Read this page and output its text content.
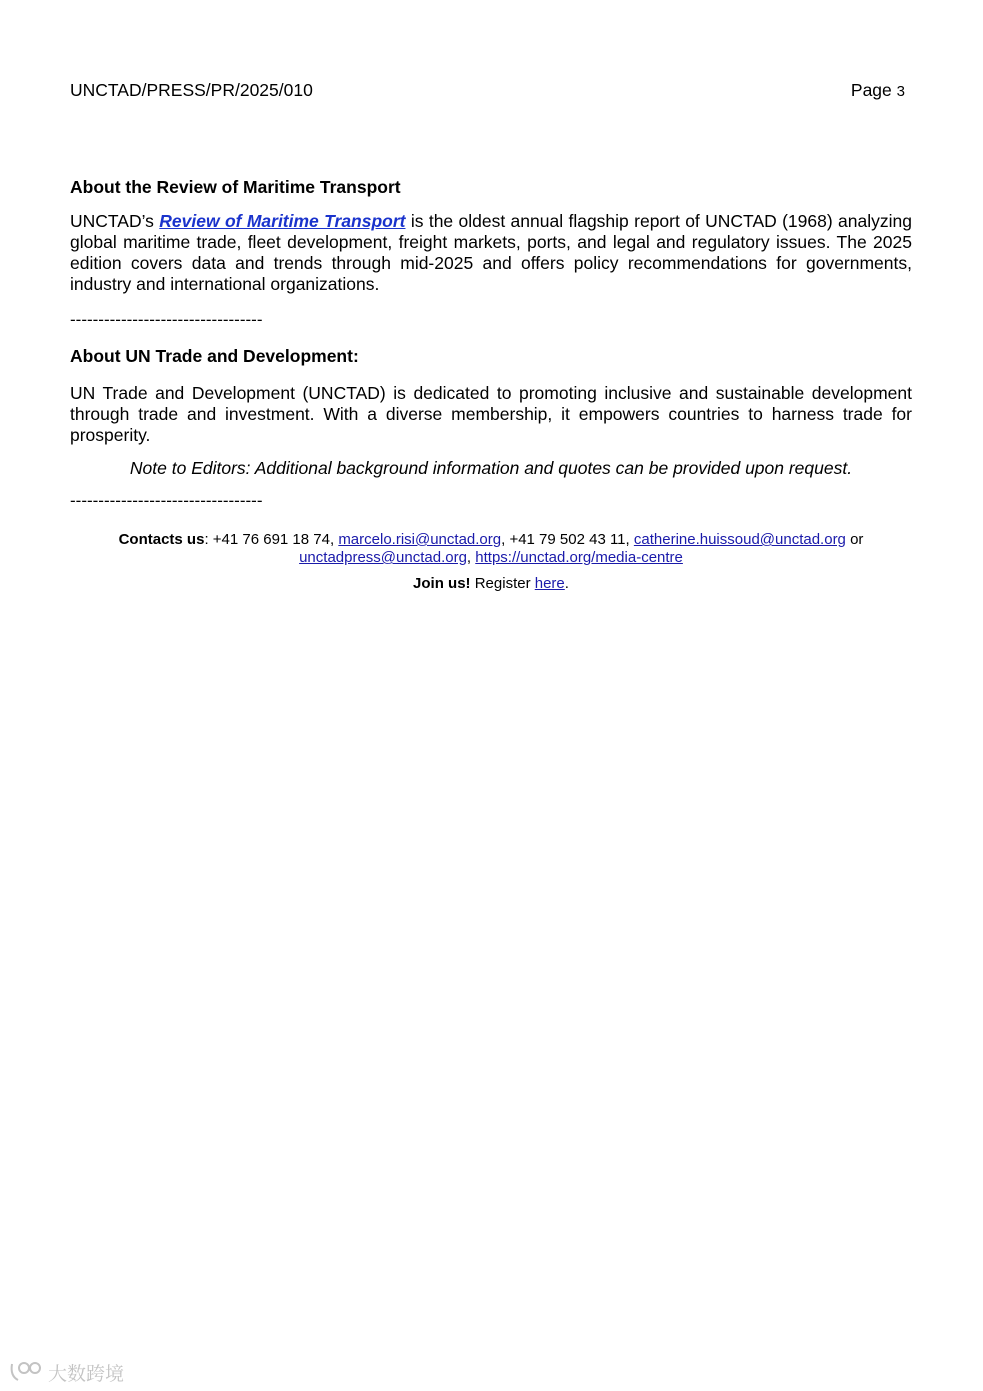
UNCTAD/PRESS/PR/2025/010	Page 3
About the Review of Maritime Transport

UNCTAD’s Review of Maritime Transport is the oldest annual flagship report of UNCTAD (1968) analyzing global maritime trade, fleet development, freight markets, ports, and legal and regulatory issues. The 2025 edition covers data and trends through mid-2025 and offers policy recommendations for governments, industry and international organizations.

----------------------------------
About UN Trade and Development:

UN Trade and Development (UNCTAD) is dedicated to promoting inclusive and sustainable development through trade and investment. With a diverse membership, it empowers countries to harness trade for prosperity.

Note to Editors: Additional background information and quotes can be provided upon request.
----------------------------------
Contacts us: +41 76 691 18 74, marcelo.risi@unctad.org, +41 79 502 43 11, catherine.huissoud@unctad.org or
unctadpress@unctad.org, https://unctad.org/media-centre
Join us! Register here.
大数跨境
